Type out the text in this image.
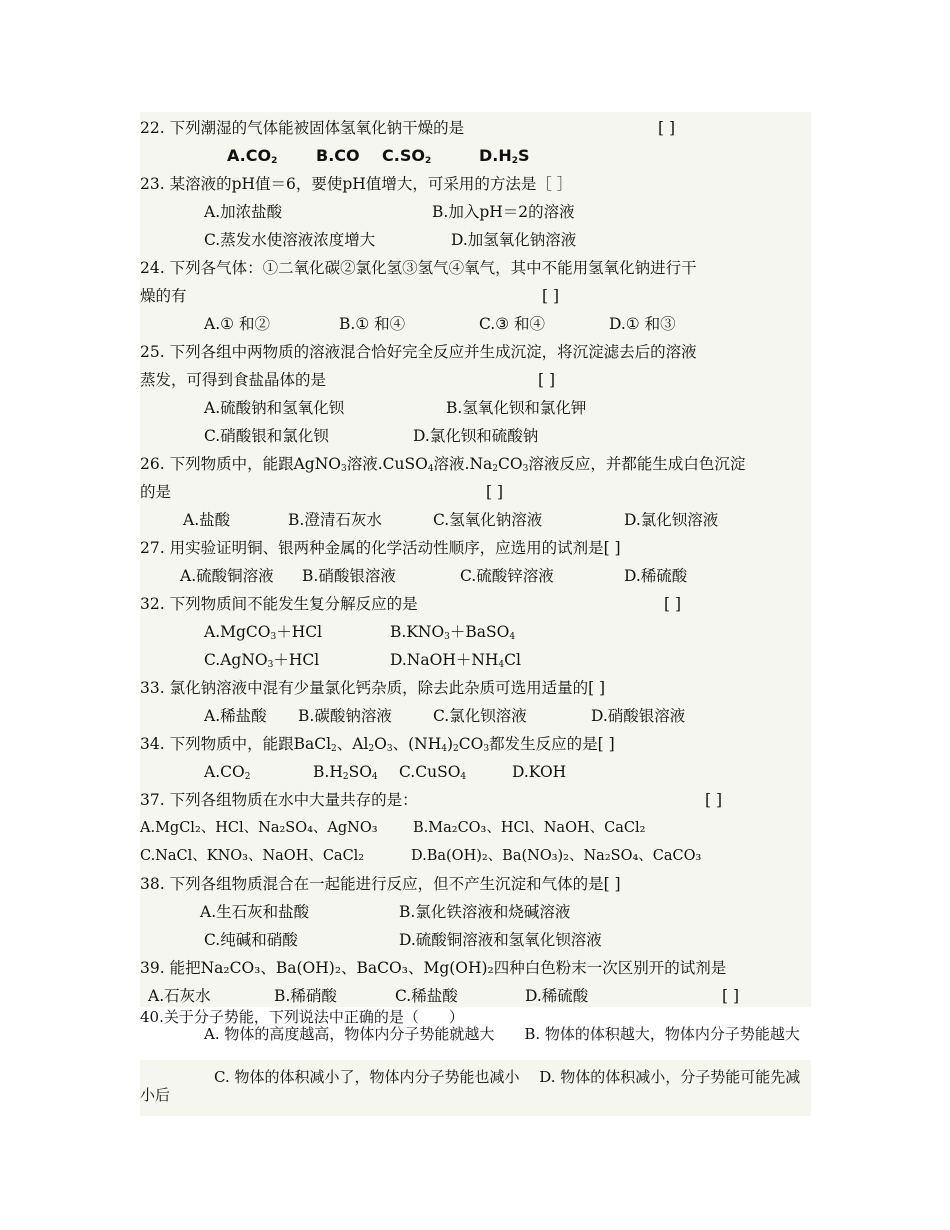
22. 下列潮湿的气体能被固体氢氧化钠干燥的是	[ ]
$A.CO_2$ B.CO $C.SO_2$	$D.H_2S$
23. 某溶液的pH值＝6，要使pH值增大，可采用的方法是［ ］
A.加浓盐酸	B.加入pH＝2的溶液
C.蒸发水使溶液浓度增大	D.加氢氧化钠溶液
24. 下列各气体：①二氧化碳②氯化氢③氢气④氧气，其中不能用氢氧化钠进行干
燥的有	[ ]
A.① 和②	B.① 和④	C.③ 和④	D.① 和③
25. 下列各组中两物质的溶液混合恰好完全反应并生成沉淀，将沉淀滤去后的溶液
蒸发，可得到食盐晶体的是	[ ]
A.硫酸钠和氢氧化钡	B.氢氧化钡和氯化钾
C.硝酸银和氯化钡	D.氯化钡和硫酸钠
26. 下列物质中，能跟AgNO$_3$溶液.CuSO$_4$溶液$.Na_2CO_3$溶液反应，并都能生成白色沉淀
的是	[ ]
A.盐酸	B.澄清石灰水	C.氢氧化钠溶液	D.氯化钡溶液
27. 用实验证明铜、银两种金属的化学活动性顺序，应选用的试剂是[ ]
A.硫酸铜溶液 B.硝酸银溶液	C.硫酸锌溶液	D.稀硫酸
32. 下列物质间不能发生复分解反应的是	[ ]
A.MgCO$_3$＋HCl	$B.KNO_3+BaSO_4$
C.AgNO$_3$＋HCl	$D.NaOH+NH_4Cl$
33. 氯化钠溶液中混有少量氯化钙杂质，除去此杂质可选用适量的[ ]
A.稀盐酸 B.碳酸钠溶液	C.氯化钡溶液	D.硝酸银溶液
34. 下列物质中，能跟BaCl$_2$、$Al_2O_3$、$(NH_4)_2CO_3$都发生反应的是[ ]
$A.CO_2$	$B.H_2SO_4$ C.CuSO$_4$	D.KOH
37. 下列各组物质在水中大量共存的是：	[ ]
A.MgCl₂、HCl、Na₂SO₄、AgNO₃ B.Ma₂CO₃、HCl、NaOH、CaCl₂
C.NaCl、KNO₃、NaOH、CaCl₂	D.Ba(OH)₂、Ba(NO₃)₂、Na₂SO₄、CaCO₃
38. 下列各组物质混合在一起能进行反应，但不产生沉淀和气体的是[ ]
A.生石灰和盐酸	B.氯化铁溶液和烧碱溶液
C.纯碱和硝酸	D.硫酸铜溶液和氢氧化钡溶液
39. 能把Na₂CO₃、Ba(OH)₂、BaCO₃、Mg(OH)₂四种白色粉末一次区别开的试剂是
A.石灰水	B.稀硝酸	C.稀盐酸	D.稀硫酸	[ ]
40.关于分子势能，下列说法中正确的是（　　）
A. 物体的高度越高，物体内分子势能就越大　　B. 物体的体积越大，物体内分子势能越大
C. 物体的体积减小了，物体内分子势能也减小　 D. 物体的体积减小，分子势能可能先减小后
